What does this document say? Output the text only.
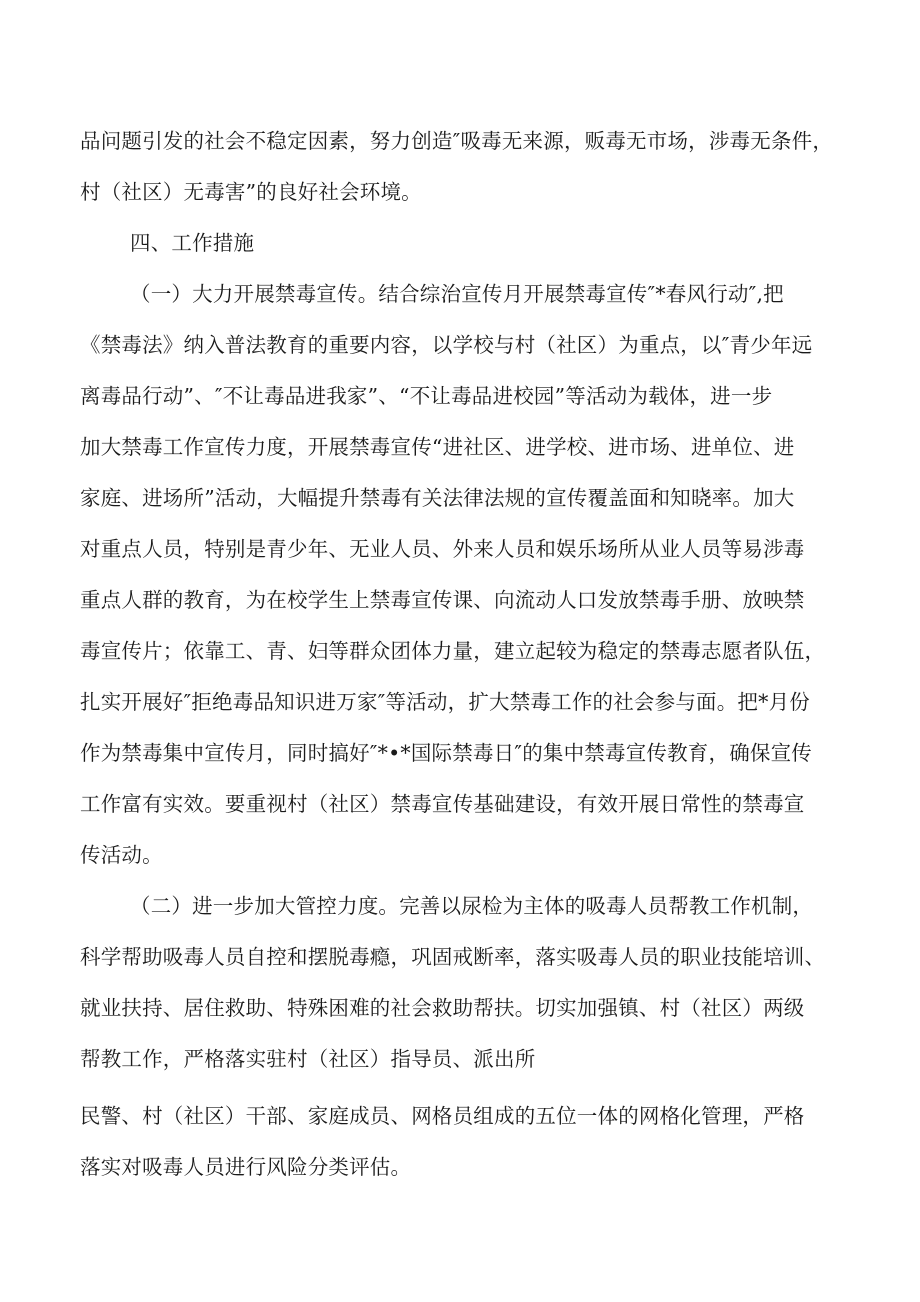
品问题引发的社会不稳定因素，努力创造″吸毒无来源，贩毒无市场，涉毒无条件，
村（社区）无毒害”的良好社会环境。
四、工作措施
（一）大力开展禁毒宣传。结合综治宣传月开展禁毒宣传″*春风行动″,把
《禁毒法》纳入普法教育的重要内容，以学校与村（社区）为重点，以″青少年远
离毒品行动”、″不让毒品进我家”、“不让毒品进校园”等活动为载体，进一步
加大禁毒工作宣传力度，开展禁毒宣传“进社区、进学校、进市场、进单位、进
家庭、进场所”活动，大幅提升禁毒有关法律法规的宣传覆盖面和知晓率。加大
对重点人员，特别是青少年、无业人员、外来人员和娱乐场所从业人员等易涉毒
重点人群的教育，为在校学生上禁毒宣传课、向流动人口发放禁毒手册、放映禁
毒宣传片；依靠工、青、妇等群众团体力量，建立起较为稳定的禁毒志愿者队伍，
扎实开展好″拒绝毒品知识进万家″等活动，扩大禁毒工作的社会参与面。把*月份
作为禁毒集中宣传月，同时搞好″*•*国际禁毒日″的集中禁毒宣传教育，确保宣传
工作富有实效。要重视村（社区）禁毒宣传基础建设，有效开展日常性的禁毒宣
传活动。
（二）进一步加大管控力度。完善以尿检为主体的吸毒人员帮教工作机制，
科学帮助吸毒人员自控和摆脱毒瘾，巩固戒断率，落实吸毒人员的职业技能培训、
就业扶持、居住救助、特殊困难的社会救助帮扶。切实加强镇、村（社区）两级
帮教工作，严格落实驻村（社区）指导员、派出所
民警、村（社区）干部、家庭成员、网格员组成的五位一体的网格化管理，严格
落实对吸毒人员进行风险分类评估。
